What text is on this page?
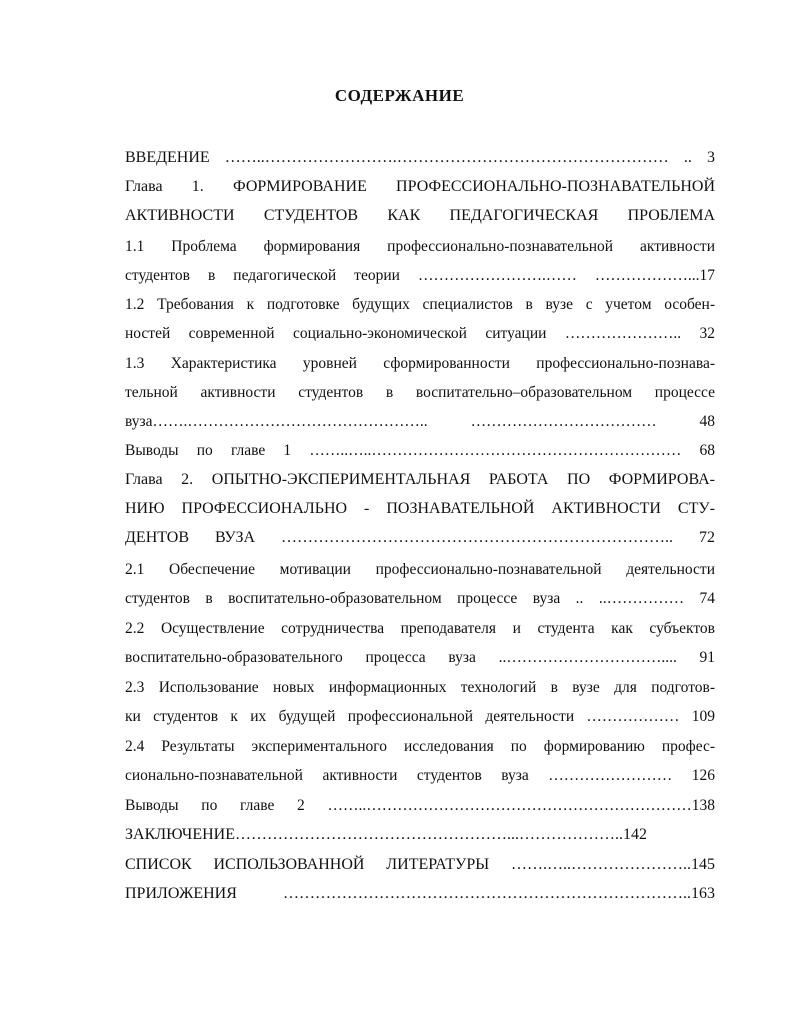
СОДЕРЖАНИЕ
ВВЕДЕНИЕ ……..…………………….…………………………………………… .. 3
Глава 1. ФОРМИРОВАНИЕ ПРОФЕССИОНАЛЬНО-ПОЗНАВАТЕЛЬНОЙ
АКТИВНОСТИ СТУДЕНТОВ КАК ПЕДАГОГИЧЕСКАЯ ПРОБЛЕМА
1.1 Проблема формирования профессионально-познавательной активности
студентов в педагогической теории …………………….…… ………………...17
1.2 Требования к подготовке будущих специалистов в вузе с учетом особен-
ностей современной социально-экономической ситуации ………………….. 32
1.3 Характеристика уровней сформированности профессионально-познава-
тельной активности студентов в воспитательно–образовательном процессе
вуза…….……………………………………….. ……………………………… 48
Выводы по главе 1 ……..…..…………………………………………………… 68
Глава 2. ОПЫТНО-ЭКСПЕРИМЕНТАЛЬНАЯ РАБОТА ПО ФОРМИРОВА-
НИЮ ПРОФЕССИОНАЛЬНО - ПОЗНАВАТЕЛЬНОЙ АКТИВНОСТИ СТУ-
ДЕНТОВ ВУЗА ……………………………………………………………….. 72
2.1 Обеспечение мотивации профессионально-познавательной деятельности
студентов в воспитательно-образовательном процессе вуза .. ..…………… 74
2.2 Осуществление сотрудничества преподавателя и студента как субъектов
воспитательно-образовательного процесса вуза ..………………………….... 91
2.3 Использование новых информационных технологий в вузе для подготов-
ки студентов к их будущей профессиональной деятельности ……………… 109
2.4 Результаты экспериментального исследования по формированию профес-
сионально-познавательной активности студентов вуза …………………… 126
Выводы по главе 2 ……..………………………………………………………138
ЗАКЛЮЧЕНИЕ……………………………………………...………………..142
СПИСОК ИСПОЛЬЗОВАННОЙ ЛИТЕРАТУРЫ …….…..…………………..145
ПРИЛОЖЕНИЯ …………………………………………………………………..163
